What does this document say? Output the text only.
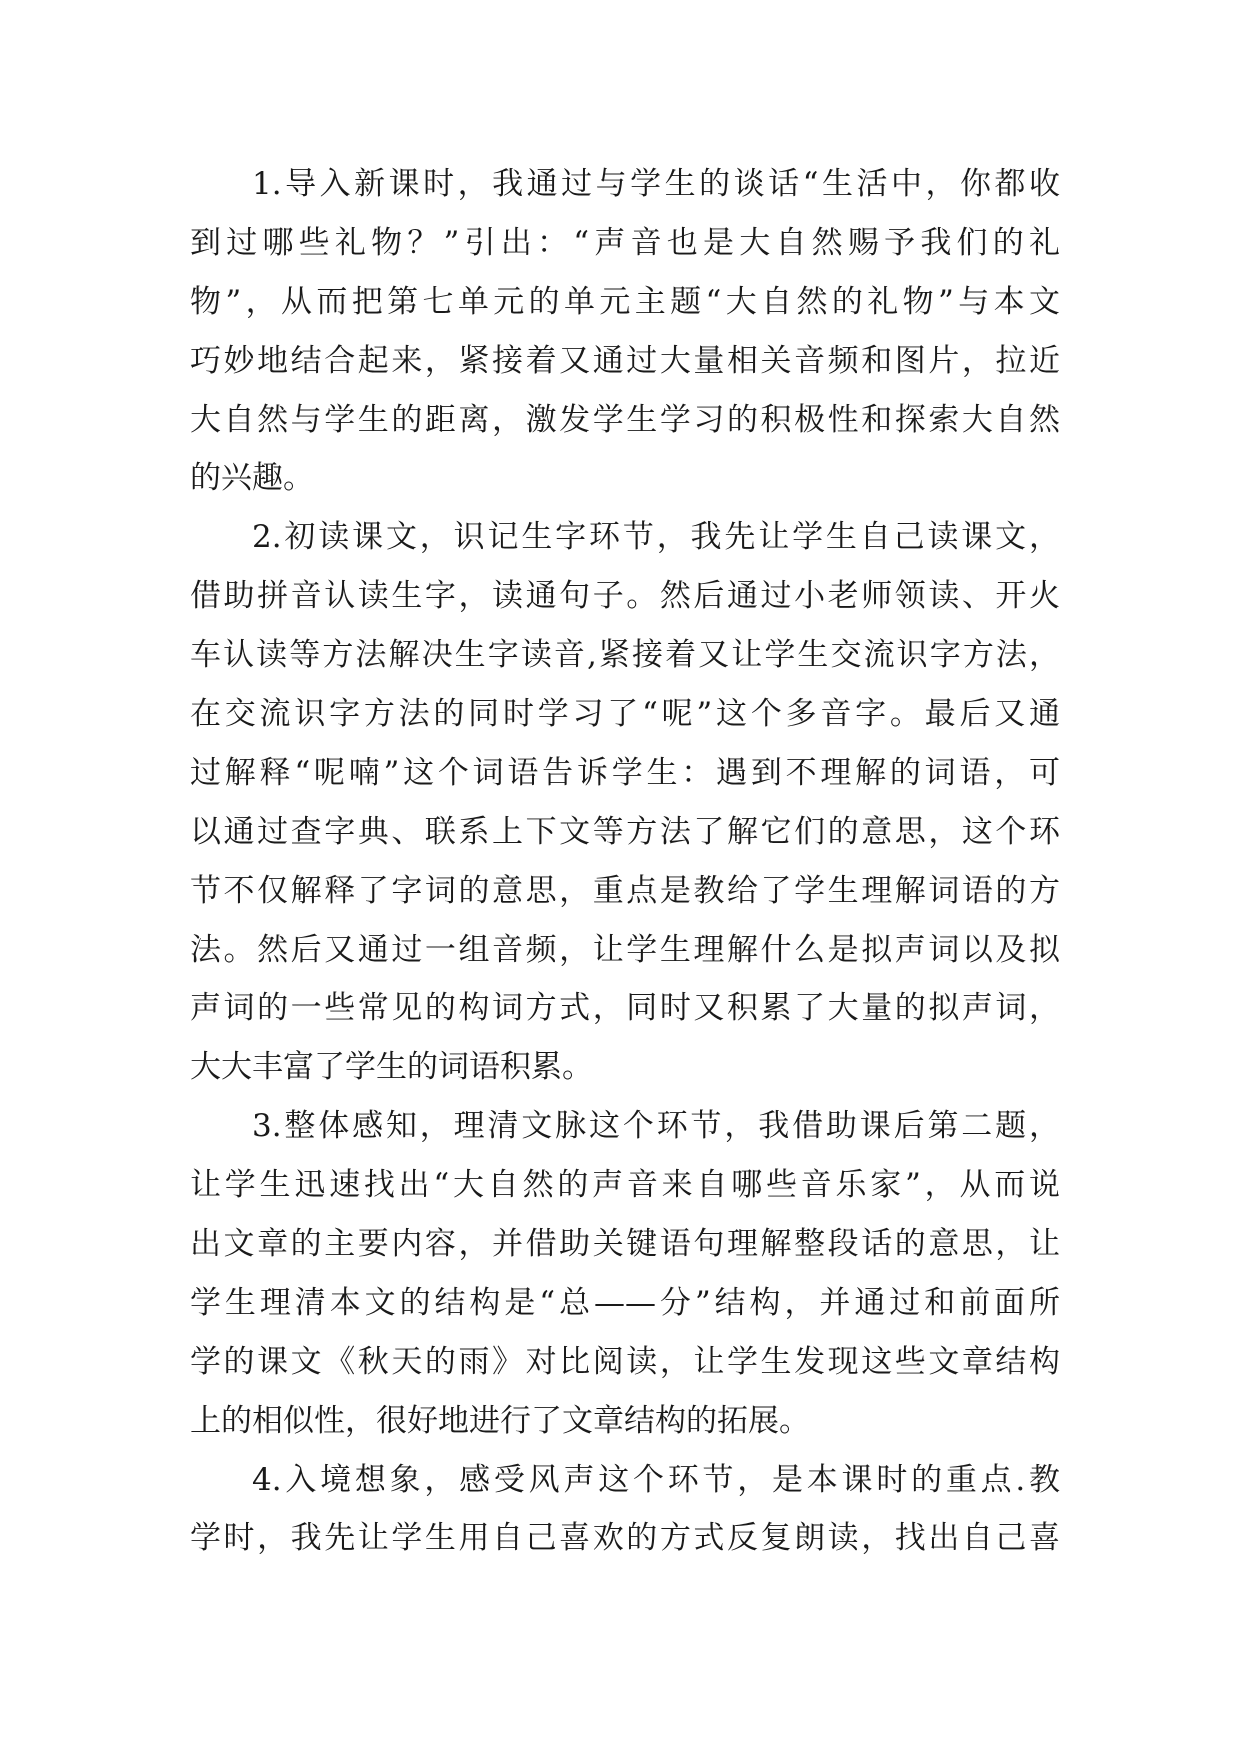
1.导入新课时，我通过与学生的谈话“生活中，你都收
到过哪些礼物？”引出：“声音也是大自然赐予我们的礼
物”，从而把第七单元的单元主题“大自然的礼物”与本文
巧妙地结合起来，紧接着又通过大量相关音频和图片，拉近
大自然与学生的距离，激发学生学习的积极性和探索大自然
的兴趣。
2.初读课文，识记生字环节，我先让学生自己读课文，
借助拼音认读生字，读通句子。然后通过小老师领读、开火
车认读等方法解决生字读音,紧接着又让学生交流识字方法，
在交流识字方法的同时学习了“呢”这个多音字。最后又通
过解释“呢喃”这个词语告诉学生：遇到不理解的词语，可
以通过查字典、联系上下文等方法了解它们的意思，这个环
节不仅解释了字词的意思，重点是教给了学生理解词语的方
法。然后又通过一组音频，让学生理解什么是拟声词以及拟
声词的一些常见的构词方式，同时又积累了大量的拟声词，
大大丰富了学生的词语积累。
3.整体感知，理清文脉这个环节，我借助课后第二题，
让学生迅速找出“大自然的声音来自哪些音乐家”，从而说
出文章的主要内容，并借助关键语句理解整段话的意思，让
学生理清本文的结构是“总——分”结构，并通过和前面所
学的课文《秋天的雨》对比阅读，让学生发现这些文章结构
上的相似性，很好地进行了文章结构的拓展。
4.入境想象，感受风声这个环节，是本课时的重点.教
学时，我先让学生用自己喜欢的方式反复朗读，找出自己喜
